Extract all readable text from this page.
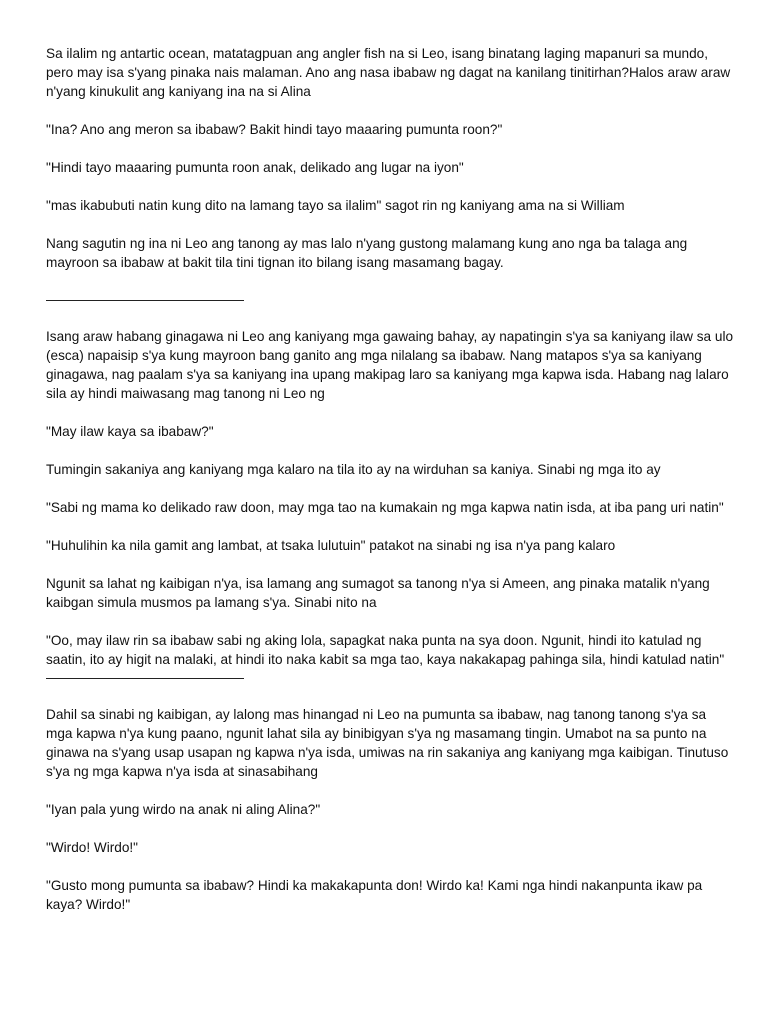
Sa ilalim ng antartic ocean, matatagpuan ang angler fish na si Leo, isang binatang laging mapanuri sa mundo, pero may isa s'yang pinaka nais malaman. Ano ang nasa ibabaw ng dagat na kanilang tinitirhan?Halos araw araw n'yang kinukulit ang kaniyang ina na si Alina

"Ina? Ano ang meron sa ibabaw? Bakit hindi tayo maaaring pumunta roon?"

"Hindi tayo maaaring pumunta roon anak, delikado ang lugar na iyon"

"mas ikabubuti natin kung dito na lamang tayo sa ilalim" sagot rin ng kaniyang ama na si William

Nang sagutin ng ina ni Leo ang tanong ay mas lalo n'yang gustong malamang kung ano nga ba talaga ang mayroon sa ibabaw at bakit tila tini tignan ito bilang isang masamang bagay.

Isang araw habang ginagawa ni Leo ang kaniyang mga gawaing bahay, ay napatingin s'ya sa kaniyang ilaw sa ulo (esca) napaisip s'ya kung mayroon bang ganito ang mga nilalang sa ibabaw. Nang matapos s'ya sa kaniyang ginagawa, nag paalam s'ya sa kaniyang ina upang makipag laro sa kaniyang mga kapwa isda. Habang nag lalaro sila ay hindi maiwasang mag tanong ni Leo ng

"May ilaw kaya sa ibabaw?"

Tumingin sakaniya ang kaniyang mga kalaro na tila ito ay na wirduhan sa kaniya. Sinabi ng mga ito ay

"Sabi ng mama ko delikado raw doon, may mga tao na kumakain ng mga kapwa natin isda, at iba pang uri natin"

"Huhulihin ka nila gamit ang lambat, at tsaka lulutuin" patakot na sinabi ng isa n'ya pang kalaro

Ngunit sa lahat ng kaibigan n'ya, isa lamang ang sumagot sa tanong n'ya si Ameen, ang pinaka matalik n'yang kaibgan simula musmos pa lamang s'ya. Sinabi nito na

"Oo, may ilaw rin sa ibabaw sabi ng aking lola, sapagkat naka punta na sya doon. Ngunit, hindi ito katulad ng saatin, ito ay higit na malaki, at hindi ito naka kabit sa mga tao, kaya nakakapag pahinga sila, hindi katulad natin"

Dahil sa sinabi ng kaibigan, ay lalong mas hinangad ni Leo na pumunta sa ibabaw, nag tanong tanong s'ya sa mga kapwa n'ya kung paano, ngunit lahat sila ay binibigyan s'ya ng masamang tingin. Umabot na sa punto na ginawa na s'yang usap usapan ng kapwa n'ya isda, umiwas na rin sakaniya ang kaniyang mga kaibigan. Tinutuso s'ya ng mga kapwa n'ya isda at sinasabihang

"Iyan pala yung wirdo na anak ni aling Alina?"

"Wirdo! Wirdo!"

"Gusto mong pumunta sa ibabaw? Hindi ka makakapunta don! Wirdo ka! Kami nga hindi nakanpunta ikaw pa kaya? Wirdo!"
